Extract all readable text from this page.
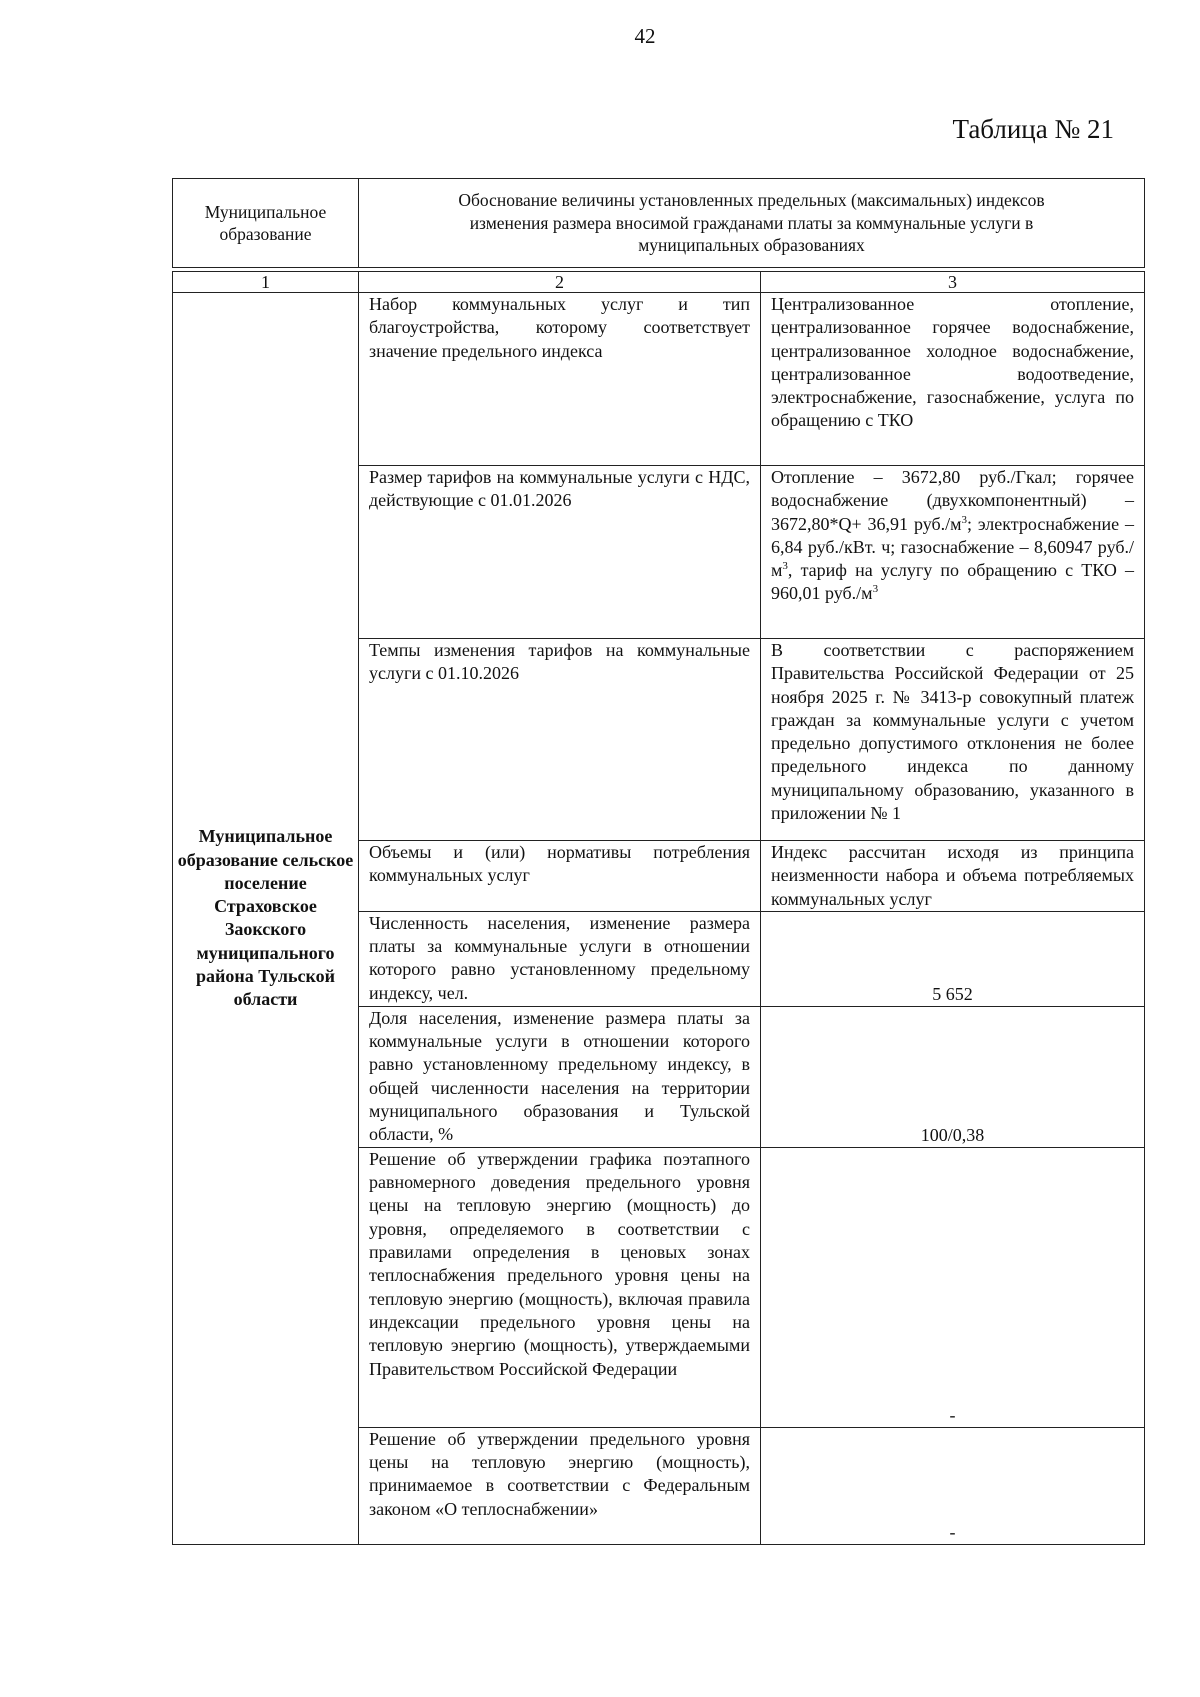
42
Таблица № 21
Муниципальное образование	Обоснование величины установленных предельных (максимальных) индексов изменения размера вносимой гражданами платы за коммунальные услуги в муниципальных образованиях
1	2	3
Муниципальное образование сельское поселение Страховское Заокского муниципального района Тульской области	Набор коммунальных услуг и тип благоустройства, которому соответствует значение предельного индекса	Централизованное отопление, централизованное горячее водоснабжение, централизованное холодное водоснабжение, централизованное водоотведение, электроснабжение, газоснабжение, услуга по обращению с ТКО
	Размер тарифов на коммунальные услуги с НДС, действующие с 01.01.2026	Отопление – 3672,80 руб./Гкал; горячее водоснабжение (двухкомпонентный) – 3672,80*Q+ 36,91 $руб./м^3$; электроснабжение – 6,84 руб./кВт. ч; газоснабжение – 8,60947 $руб./м^3$, тариф на услугу по обращению с ТКО – 960,01 $руб./м^3$
	Темпы изменения тарифов на коммунальные услуги с 01.10.2026	В соответствии с распоряжением Правительства Российской Федерации от 25 ноября 2025 г. № 3413-р совокупный платеж граждан за коммунальные услуги с учетом предельно допустимого отклонения не более предельного индекса по данному муниципальному образованию, указанного в приложении № 1
	Объемы и (или) нормативы потребления коммунальных услуг	Индекс рассчитан исходя из принципа неизменности набора и объема потребляемых коммунальных услуг
	Численность населения, изменение размера платы за коммунальные услуги в отношении которого равно установленному предельному индексу, чел.	5 652
	Доля населения, изменение размера платы за коммунальные услуги в отношении которого равно установленному предельному индексу, в общей численности населения на территории муниципального образования и Тульской области, %	100/0,38
	Решение об утверждении графика поэтапного равномерного доведения предельного уровня цены на тепловую энергию (мощность) до уровня, определяемого в соответствии с правилами определения в ценовых зонах теплоснабжения предельного уровня цены на тепловую энергию (мощность), включая правила индексации предельного уровня цены на тепловую энергию (мощность), утверждаемыми Правительством Российской Федерации	-
	Решение об утверждении предельного уровня цены на тепловую энергию (мощность), принимаемое в соответствии с Федеральным законом «О теплоснабжении»	-
